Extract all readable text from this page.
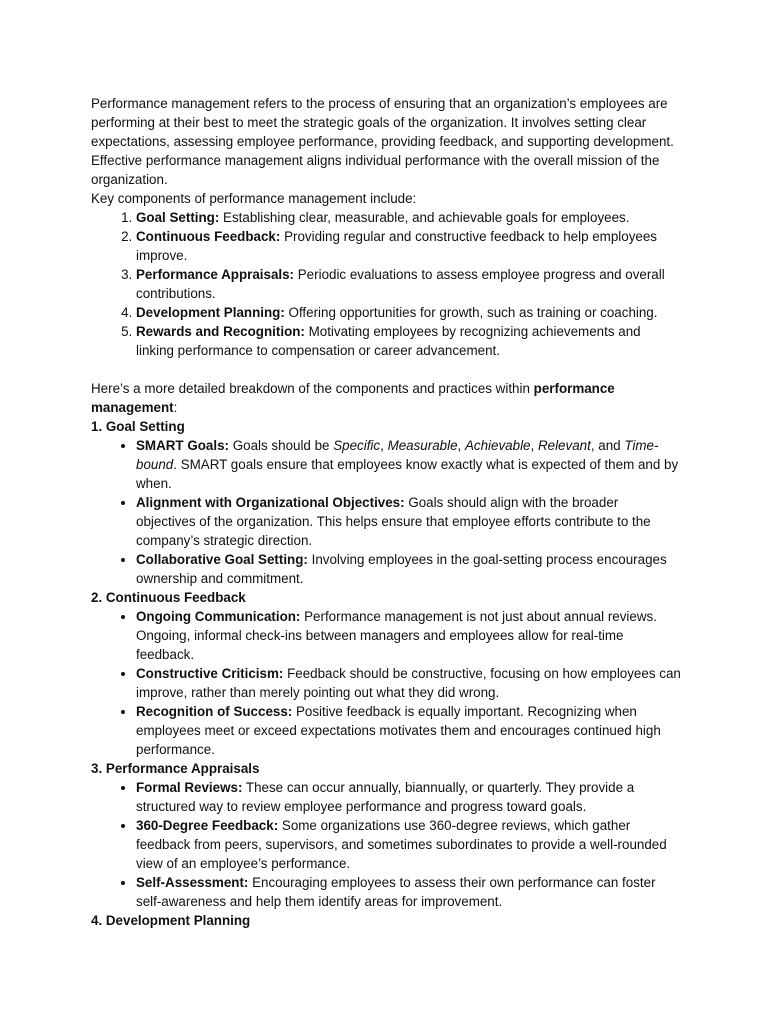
Performance management refers to the process of ensuring that an organization’s employees are performing at their best to meet the strategic goals of the organization. It involves setting clear expectations, assessing employee performance, providing feedback, and supporting development. Effective performance management aligns individual performance with the overall mission of the organization.

Key components of performance management include:

1. Goal Setting: Establishing clear, measurable, and achievable goals for employees.
2. Continuous Feedback: Providing regular and constructive feedback to help employees improve.
3. Performance Appraisals: Periodic evaluations to assess employee progress and overall contributions.
4. Development Planning: Offering opportunities for growth, such as training or coaching.
5. Rewards and Recognition: Motivating employees by recognizing achievements and linking performance to compensation or career advancement.

Here’s a more detailed breakdown of the components and practices within performance management:

1. Goal Setting

• SMART Goals: Goals should be Specific, Measurable, Achievable, Relevant, and Time-bound. SMART goals ensure that employees know exactly what is expected of them and by when.
• Alignment with Organizational Objectives: Goals should align with the broader objectives of the organization. This helps ensure that employee efforts contribute to the company’s strategic direction.
• Collaborative Goal Setting: Involving employees in the goal-setting process encourages ownership and commitment.

2. Continuous Feedback

• Ongoing Communication: Performance management is not just about annual reviews. Ongoing, informal check-ins between managers and employees allow for real-time feedback.
• Constructive Criticism: Feedback should be constructive, focusing on how employees can improve, rather than merely pointing out what they did wrong.
• Recognition of Success: Positive feedback is equally important. Recognizing when employees meet or exceed expectations motivates them and encourages continued high performance.

3. Performance Appraisals

• Formal Reviews: These can occur annually, biannually, or quarterly. They provide a structured way to review employee performance and progress toward goals.
• 360-Degree Feedback: Some organizations use 360-degree reviews, which gather feedback from peers, supervisors, and sometimes subordinates to provide a well-rounded view of an employee’s performance.
• Self-Assessment: Encouraging employees to assess their own performance can foster self-awareness and help them identify areas for improvement.

4. Development Planning
